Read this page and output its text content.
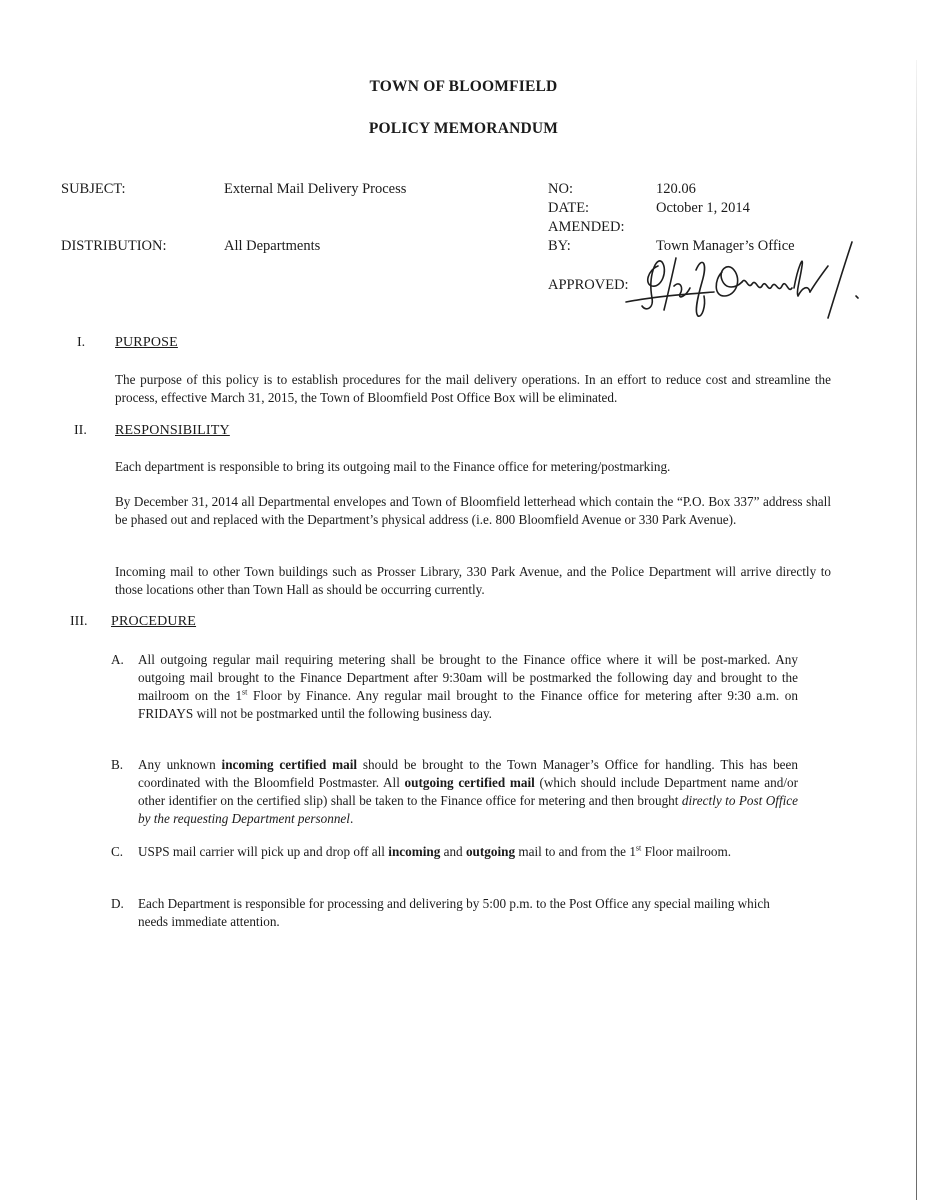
TOWN OF BLOOMFIELD
POLICY MEMORANDUM
SUBJECT:	External Mail Delivery Process
DISTRIBUTION:	All Departments
NO:	120.06
DATE:	October 1, 2014
AMENDED:
BY:	Town Manager’s Office
APPROVED:
I. PURPOSE

The purpose of this policy is to establish procedures for the mail delivery operations. In an effort to reduce cost and streamline the process, effective March 31, 2015, the Town of Bloomfield Post Office Box will be eliminated.

II. RESPONSIBILITY

Each department is responsible to bring its outgoing mail to the Finance office for metering/postmarking.

By December 31, 2014 all Departmental envelopes and Town of Bloomfield letterhead which contain the “P.O. Box 337” address shall be phased out and replaced with the Department’s physical address (i.e. 800 Bloomfield Avenue or 330 Park Avenue).

Incoming mail to other Town buildings such as Prosser Library, 330 Park Avenue, and the Police Department will arrive directly to those locations other than Town Hall as should be occurring currently.

III. PROCEDURE
A. All outgoing regular mail requiring metering shall be brought to the Finance office where it will be post-marked. Any outgoing mail brought to the Finance Department after 9:30am will be postmarked the following day and brought to the mailroom on the 1st Floor by Finance. Any regular mail brought to the Finance office for metering after 9:30 a.m. on FRIDAYS will not be postmarked until the following business day.

B. Any unknown incoming certified mail should be brought to the Town Manager’s Office for handling. This has been coordinated with the Bloomfield Postmaster. All outgoing certified mail (which should include Department name and/or other identifier on the certified slip) shall be taken to the Finance office for metering and then brought directly to Post Office by the requesting Department personnel.

C. USPS mail carrier will pick up and drop off all incoming and outgoing mail to and from the 1st Floor mailroom.

D. Each Department is responsible for processing and delivering by 5:00 p.m. to the Post Office any special mailing which needs immediate attention.
